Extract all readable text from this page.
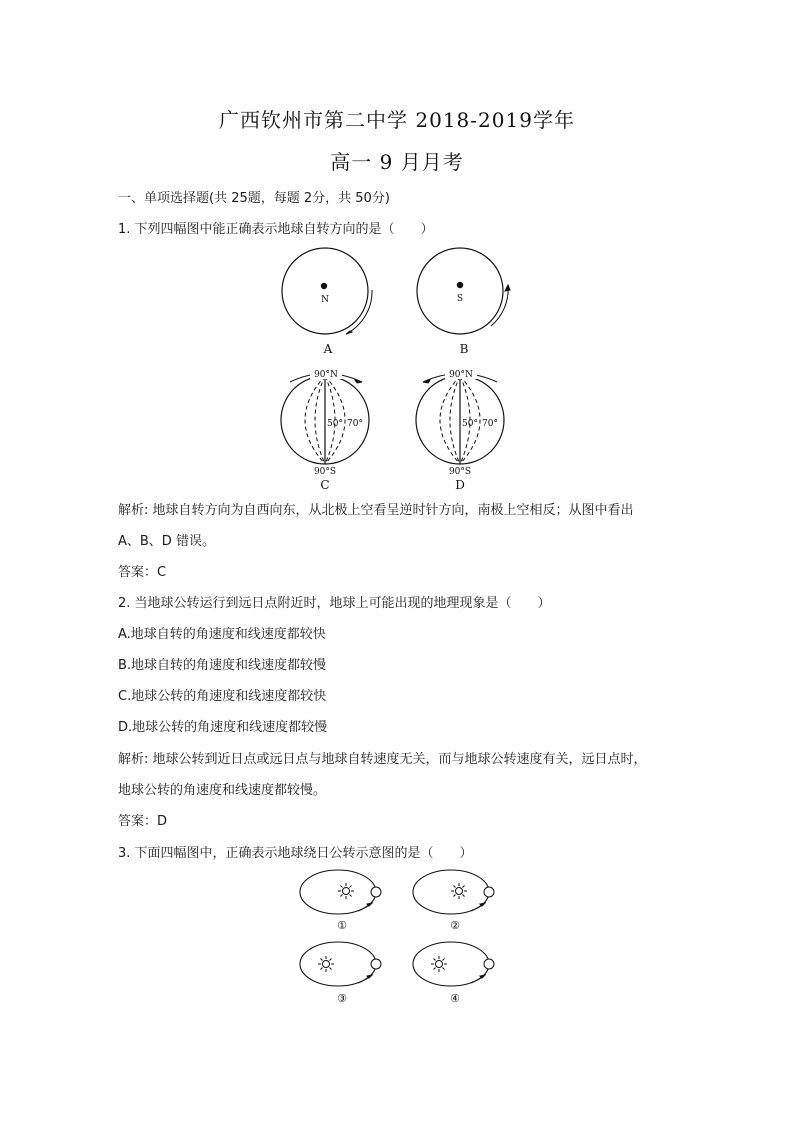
广西钦州市第二中学 2018-2019学年
高一 9 月月考
一、单项选择题(共 25题，每题 2分，共 50分)
1. 下列四幅图中能正确表示地球自转方向的是（　　）
N
A
S
B
90°N
50° 70°
90°S
C
90°N
50° 70°
90°S
D
解析: 地球自转方向为自西向东，从北极上空看呈逆时针方向，南极上空相反；从图中看出
A、B、D 错误。
答案：C
2. 当地球公转运行到远日点附近时，地球上可能出现的地理现象是（　　）
A.地球自转的角速度和线速度都较快
B.地球自转的角速度和线速度都较慢
C.地球公转的角速度和线速度都较快
D.地球公转的角速度和线速度都较慢
解析: 地球公转到近日点或远日点与地球自转速度无关，而与地球公转速度有关，远日点时，
地球公转的角速度和线速度都较慢。
答案：D
3. 下面四幅图中，正确表示地球绕日公转示意图的是（　　）
①	②
③	④
